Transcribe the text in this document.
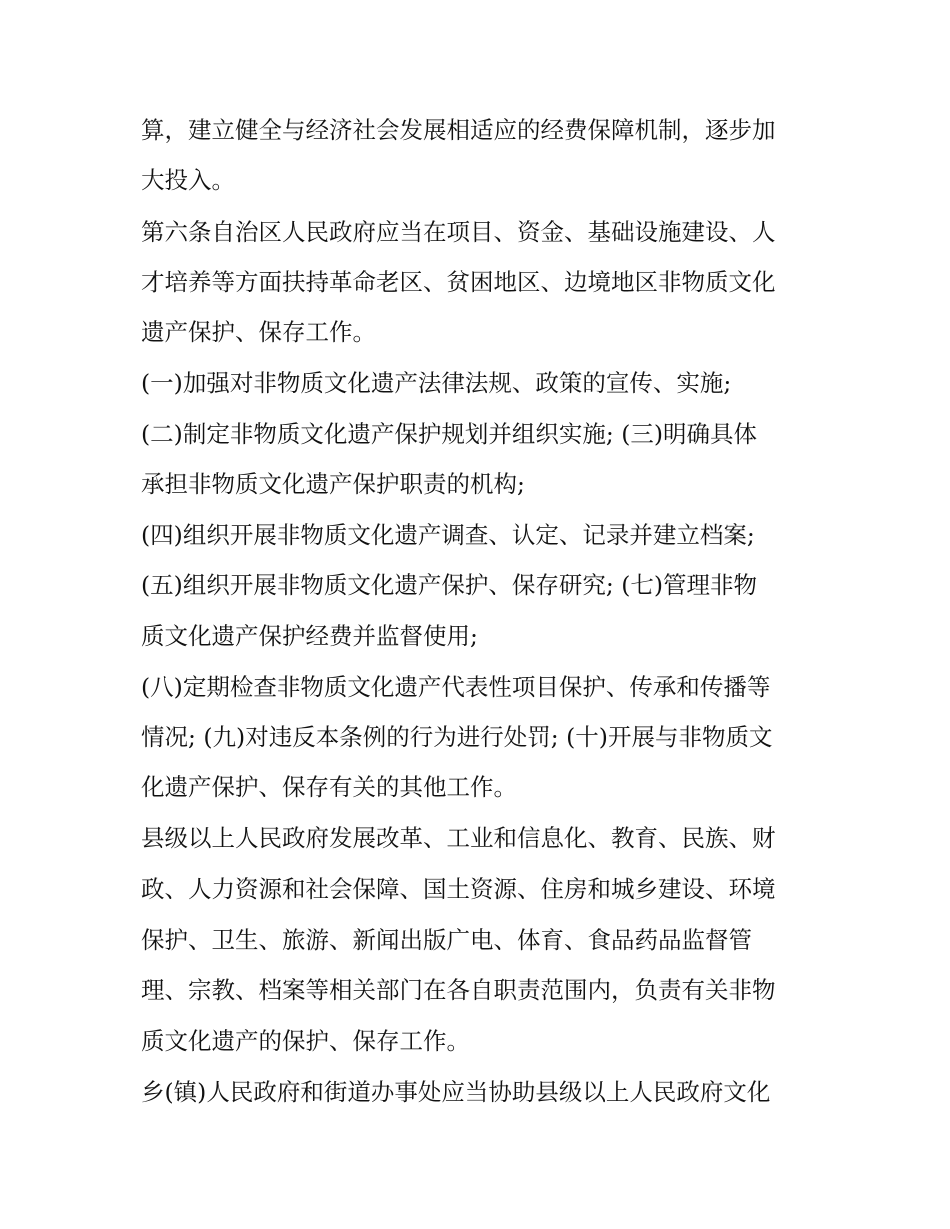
算，建立健全与经济社会发展相适应的经费保障机制，逐步加
大投入。
第六条自治区人民政府应当在项目、资金、基础设施建设、人
才培养等方面扶持革命老区、贫困地区、边境地区非物质文化
遗产保护、保存工作。
(一)加强对非物质文化遗产法律法规、政策的宣传、实施;
(二)制定非物质文化遗产保护规划并组织实施; (三)明确具体
承担非物质文化遗产保护职责的机构;
(四)组织开展非物质文化遗产调查、认定、记录并建立档案;
(五)组织开展非物质文化遗产保护、保存研究; (七)管理非物
质文化遗产保护经费并监督使用;
(八)定期检查非物质文化遗产代表性项目保护、传承和传播等
情况; (九)对违反本条例的行为进行处罚; (十)开展与非物质文
化遗产保护、保存有关的其他工作。
县级以上人民政府发展改革、工业和信息化、教育、民族、财
政、人力资源和社会保障、国土资源、住房和城乡建设、环境
保护、卫生、旅游、新闻出版广电、体育、食品药品监督管
理、宗教、档案等相关部门在各自职责范围内，负责有关非物
质文化遗产的保护、保存工作。
乡(镇)人民政府和街道办事处应当协助县级以上人民政府文化
